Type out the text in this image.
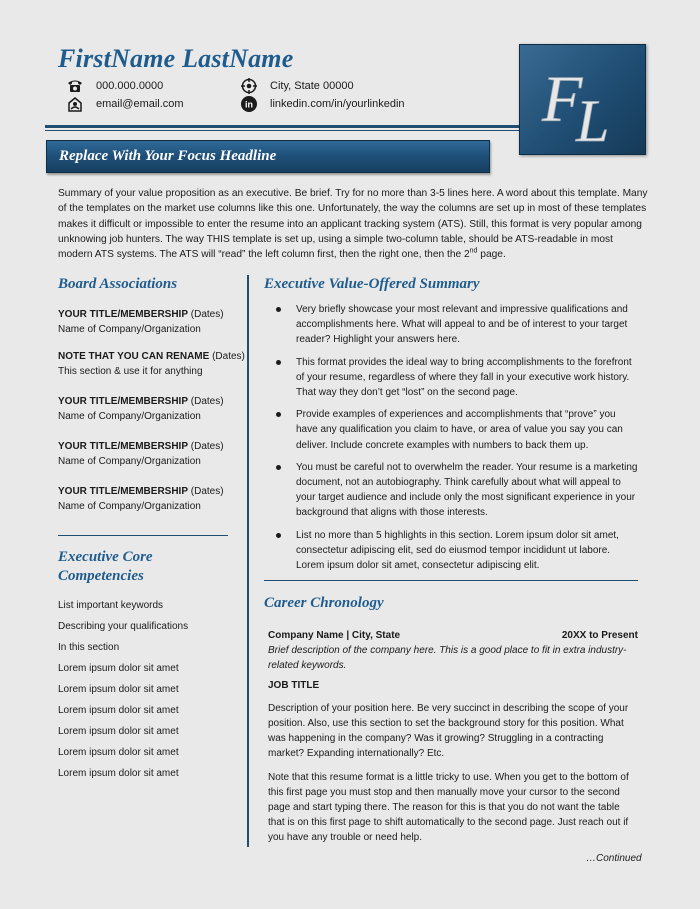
FirstName LastName
000.000.0000
email@email.com
City, State 00000
in linkedin.com/in/yourlinkedin F
L
Replace With Your Focus Headline
Summary of your value proposition as an executive. Be brief. Try for no more than 3-5 lines here. A word about this template. Many of the templates on the market use columns like this one. Unfortunately, the way the columns are set up in most of these templates makes it difficult or impossible to enter the resume into an applicant tracking system (ATS). Still, this format is very popular among unknowing job hunters. The way THIS template is set up, using a simple two-column table, should be ATS-readable in most modern ATS systems. The ATS will “read” the left column first, then the right one, then the 2nd page.
Board Associations
YOUR TITLE/MEMBERSHIP (Dates)
Name of Company/Organization
NOTE THAT YOU CAN RENAME (Dates)
This section & use it for anything
YOUR TITLE/MEMBERSHIP (Dates)
Name of Company/Organization
YOUR TITLE/MEMBERSHIP (Dates)
Name of Company/Organization
YOUR TITLE/MEMBERSHIP (Dates)
Name of Company/Organization
Executive Core
Competencies
List important keywords
Describing your qualifications
In this section
Lorem ipsum dolor sit amet
Lorem ipsum dolor sit amet
Lorem ipsum dolor sit amet
Lorem ipsum dolor sit amet
Lorem ipsum dolor sit amet
Lorem ipsum dolor sit amet
Executive Value-Offered Summary
Very briefly showcase your most relevant and impressive qualifications and accomplishments here. What will appeal to and be of interest to your target reader? Highlight your answers here.
This format provides the ideal way to bring accomplishments to the forefront of your resume, regardless of where they fall in your executive work history. That way they don’t get “lost” on the second page.
Provide examples of experiences and accomplishments that “prove” you have any qualification you claim to have, or area of value you say you can deliver. Include concrete examples with numbers to back them up.
You must be careful not to overwhelm the reader. Your resume is a marketing document, not an autobiography. Think carefully about what will appeal to your target audience and include only the most significant experience in your background that aligns with those interests.
List no more than 5 highlights in this section. Lorem ipsum dolor sit amet, consectetur adipiscing elit, sed do eiusmod tempor incididunt ut labore. Lorem ipsum dolor sit amet, consectetur adipiscing elit.
Career Chronology
Company Name | City, State	20XX to Present
Brief description of the company here. This is a good place to fit in extra industry-related keywords.
JOB TITLE
Description of your position here. Be very succinct in describing the scope of your position. Also, use this section to set the background story for this position. What was happening in the company? Was it growing? Struggling in a contracting market? Expanding internationally? Etc.
Note that this resume format is a little tricky to use. When you get to the bottom of this first page you must stop and then manually move your cursor to the second page and start typing there. The reason for this is that you do not want the table that is on this first page to shift automatically to the second page. Just reach out if you have any trouble or need help.
…Continued
